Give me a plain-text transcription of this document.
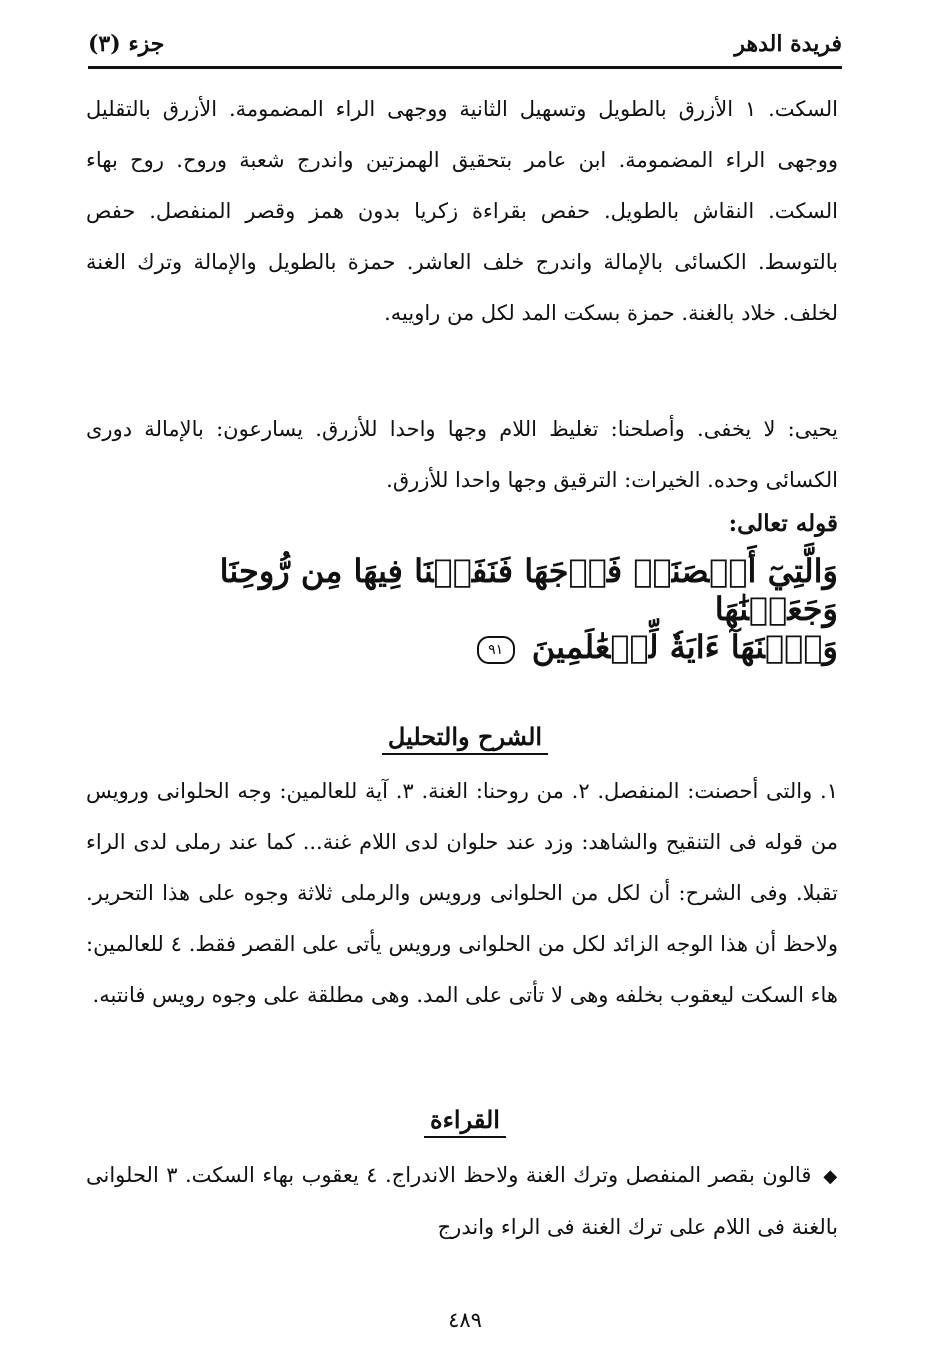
فريدة الدهر
جزء (٣)
السكت. ١ الأزرق بالطويل وتسهيل الثانية ووجهى الراء المضمومة. الأزرق بالتقليل ووجهى الراء المضمومة. ابن عامر بتحقيق الهمزتين واندرج شعبة وروح. روح بهاء السكت. النقاش بالطويل. حفص بقراءة زكريا بدون همز وقصر المنفصل. حفص بالتوسط. الكسائى بالإمالة واندرج خلف العاشر. حمزة بالطويل والإمالة وترك الغنة لخلف. خلاد بالغنة. حمزة بسكت المد لكل من راوييه.
يحيى: لا يخفى. وأصلحنا: تغليظ اللام وجها واحدا للأزرق. يسارعون: بالإمالة دورى الكسائى وحده. الخيرات: الترقيق وجها واحدا للأزرق.
قوله تعالى:
وَالَّتِيٓ أَحۡصَنَتۡ فَرۡجَهَا فَنَفَخۡنَا فِيهَا مِن رُّوحِنَا وَجَعَلۡنَٰهَا
وَٱبۡنَهَآ ءَايَةٗ لِّلۡعَٰلَمِينَ ٩١
الشرح والتحليل
١. والتى أحصنت: المنفصل. ٢. من روحنا: الغنة. ٣. آية للعالمين: وجه الحلوانى ورويس من قوله فى التنقيح والشاهد: وزد عند حلوان لدى اللام غنة... كما عند رملى لدى الراء تقبلا. وفى الشرح: أن لكل من الحلوانى ورويس والرملى ثلاثة وجوه على هذا التحرير. ولاحظ أن هذا الوجه الزائد لكل من الحلوانى ورويس يأتى على القصر فقط. ٤ للعالمين: هاء السكت ليعقوب بخلفه وهى لا تأتى على المد. وهى مطلقة على وجوه رويس فانتبه.
القراءة
◆قالون بقصر المنفصل وترك الغنة ولاحظ الاندراج. ٤ يعقوب بهاء السكت. ٣ الحلوانى بالغنة فى اللام على ترك الغنة فى الراء واندرج
٤٨٩
